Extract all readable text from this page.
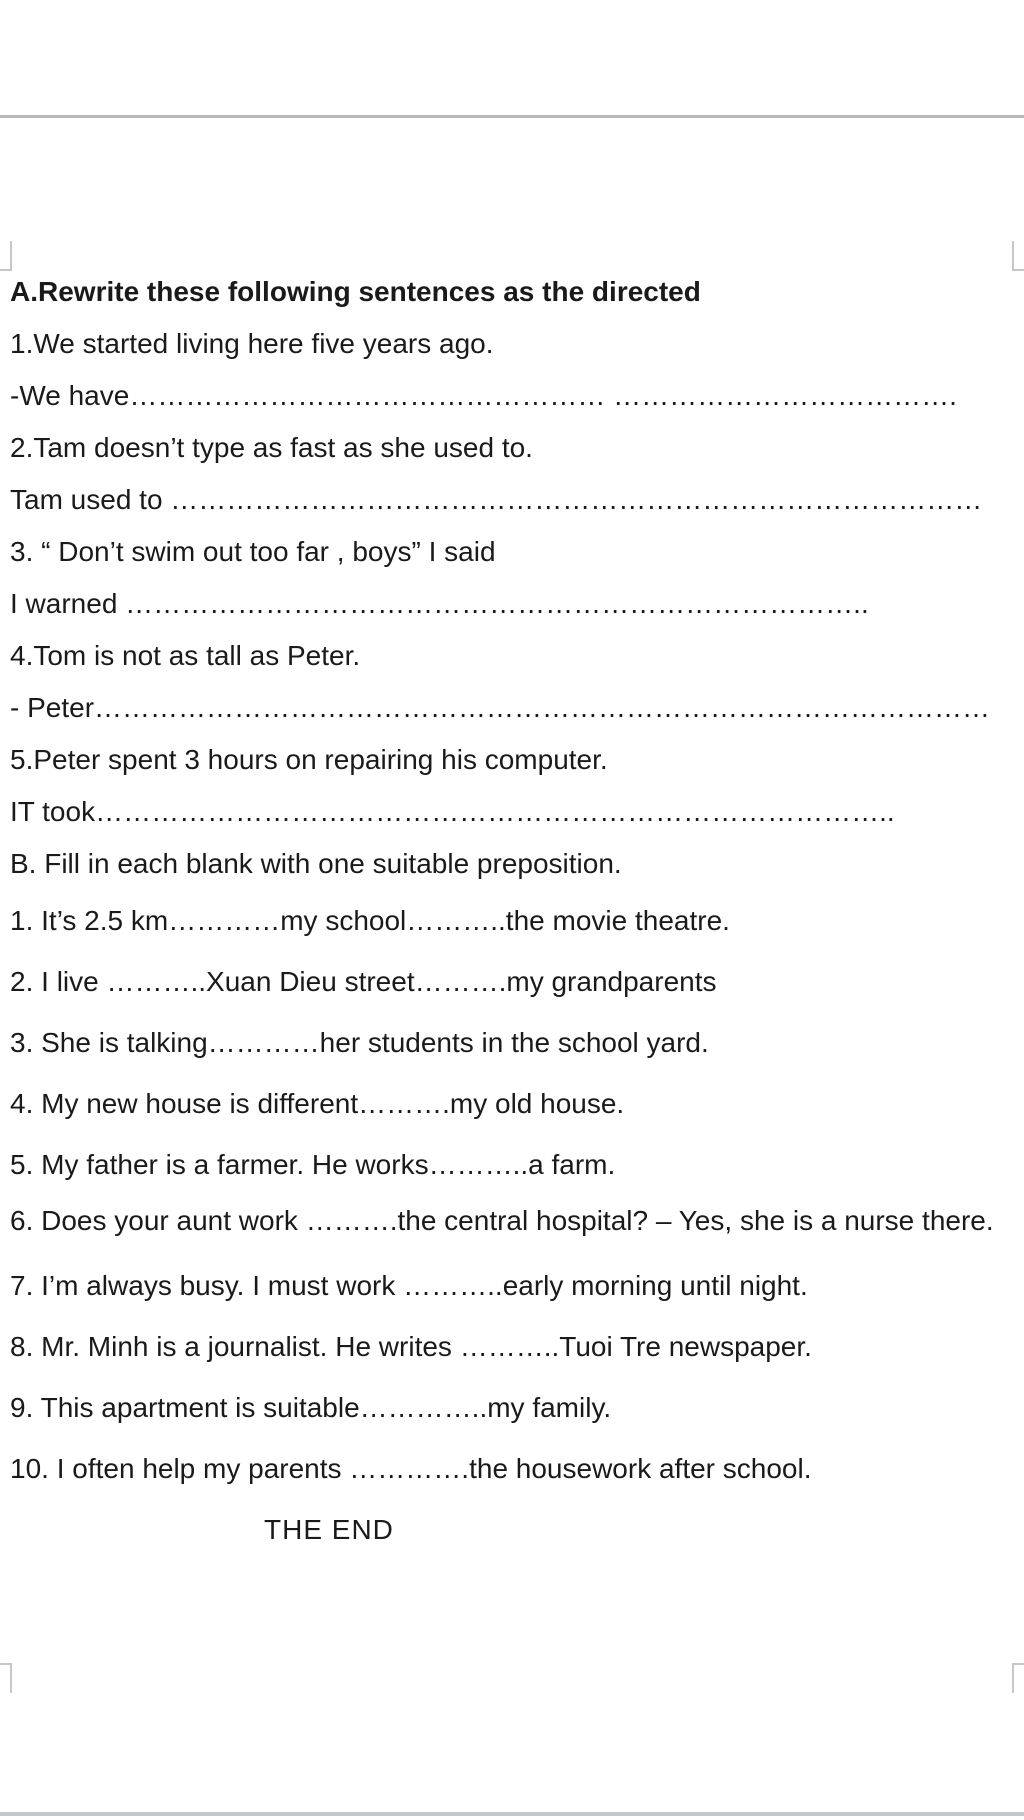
A.Rewrite these following sentences as the directed
1.We started living here five years ago.
-We have…………………………………………… ……………………………….
2.Tam doesn’t type as fast as she used to.
Tam used to ……………………………………………………………………………
3. “ Don’t swim out too far , boys” I said
I warned ……………………………………………………………………..
4.Tom is not as tall as Peter.
- Peter……………………………………………………………………………………
5.Peter spent 3 hours on repairing his computer.
IT took…………………………………………………………………………..
B. Fill in each blank with one suitable preposition.
1. It’s 2.5 km…………my school………..the movie theatre.
2. I live ………..Xuan Dieu street……….my grandparents
3. She is talking…………her students in the school yard.
4. My new house is different……….my old house.
5. My father is a farmer. He works………..a farm.
6. Does your aunt work ……….the central hospital? – Yes, she is a nurse there.
7. I’m always busy. I must work ………..early morning until night.
8. Mr. Minh is a journalist. He writes ………..Tuoi Tre newspaper.
9. This apartment is suitable…………..my family.
10. I often help my parents ………….the housework after school.
THE END
